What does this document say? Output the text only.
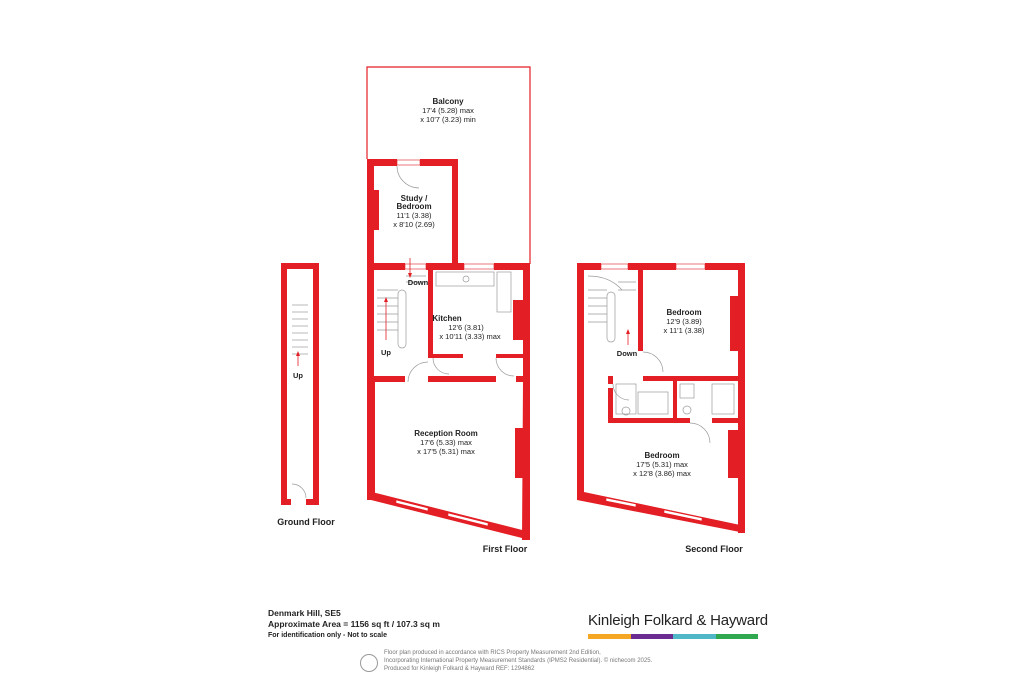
Up
Ground Floor
Balcony
17'4 (5.28) max
x 10'7 (3.23) min
Study /
Bedroom
11'1 (3.38)
x 8'10 (2.69)
Kitchen
12'6 (3.81)
x 10'11 (3.33) max
Reception Room
17'6 (5.33) max
x 17'5 (5.31) max
Down
Up
First Floor
Bedroom
12'9 (3.89)
x 11'1 (3.38)
Bedroom
17'5 (5.31) max
x 12'8 (3.86) max
Down
Second Floor
Denmark Hill, SE5
Approximate Area = 1156 sq ft / 107.3 sq m
For identification only - Not to scale
Kinleigh Folkard & Hayward
Floor plan produced in accordance with RICS Property Measurement 2nd Edition,
Incorporating International Property Measurement Standards (IPMS2 Residential). © nichecom 2025.
Produced for Kinleigh Folkard & Hayward REF: 1294862
